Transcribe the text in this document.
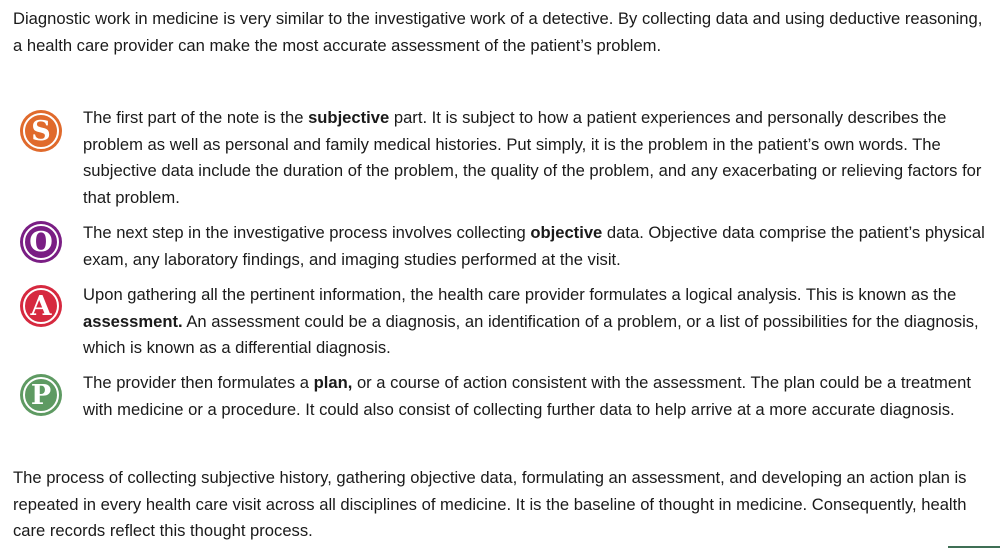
Diagnostic work in medicine is very similar to the investigative work of a detective. By collecting data and using deductive reasoning, a health care provider can make the most accurate assessment of the patient’s problem.

S The first part of the note is the subjective part. It is subject to how a patient experiences and personally describes the problem as well as personal and family medical histories. Put simply, it is the problem in the patient’s own words. The subjective data include the duration of the problem, the quality of the problem, and any exacerbating or relieving factors for that problem.

O The next step in the investigative process involves collecting objective data. Objective data comprise the patient’s physical exam, any laboratory findings, and imaging studies performed at the visit.

A Upon gathering all the pertinent information, the health care provider formulates a logical analysis. This is known as the assessment. An assessment could be a diagnosis, an identification of a problem, or a list of possibilities for the diagnosis, which is known as a differential diagnosis.

P The provider then formulates a plan, or a course of action consistent with the assessment. The plan could be a treatment with medicine or a procedure. It could also consist of collecting further data to help arrive at a more accurate diagnosis.

The process of collecting subjective history, gathering objective data, formulating an assessment, and developing an action plan is repeated in every health care visit across all disciplines of medicine. It is the baseline of thought in medicine. Consequently, health care records reflect this thought process.
